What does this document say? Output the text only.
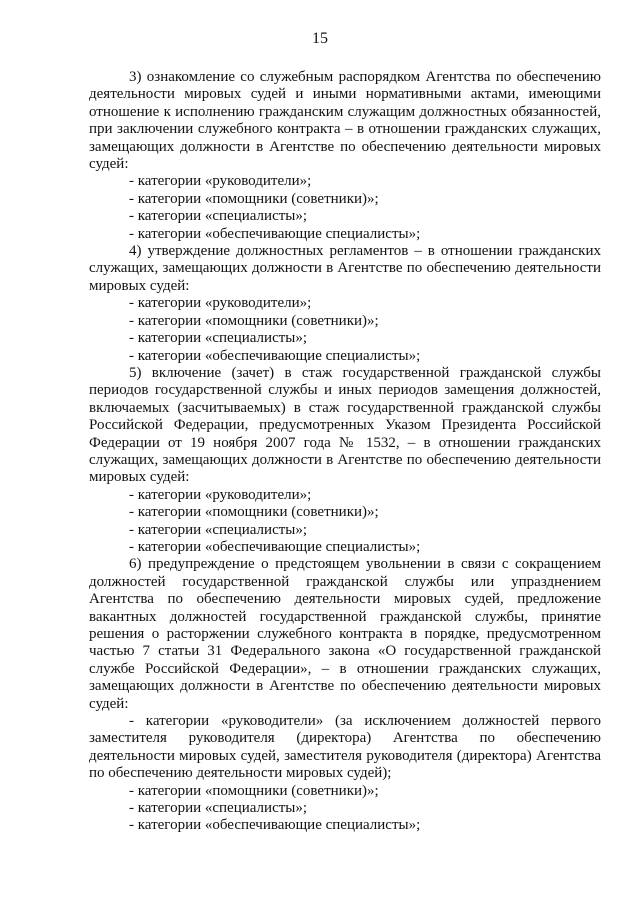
15

3) ознакомление со служебным распорядком Агентства по обеспечению деятельности мировых судей и иными нормативными актами, имеющими отношение к исполнению гражданским служащим должностных обязанностей, при заключении служебного контракта – в отношении гражданских служащих, замещающих должности в Агентстве по обеспечению деятельности мировых судей:

- категории «руководители»;
- категории «помощники (советники)»;
- категории «специалисты»;
- категории «обеспечивающие специалисты»;

4) утверждение должностных регламентов – в отношении гражданских служащих, замещающих должности в Агентстве по обеспечению деятельности мировых судей:

- категории «руководители»;
- категории «помощники (советники)»;
- категории «специалисты»;
- категории «обеспечивающие специалисты»;

5) включение (зачет) в стаж государственной гражданской службы периодов государственной службы и иных периодов замещения должностей, включаемых (засчитываемых) в стаж государственной гражданской службы Российской Федерации, предусмотренных Указом Президента Российской Федерации от 19 ноября 2007 года № 1532, – в отношении гражданских служащих, замещающих должности в Агентстве по обеспечению деятельности мировых судей:

- категории «руководители»;
- категории «помощники (советники)»;
- категории «специалисты»;
- категории «обеспечивающие специалисты»;

6) предупреждение о предстоящем увольнении в связи с сокращением должностей государственной гражданской службы или упразднением Агентства по обеспечению деятельности мировых судей, предложение вакантных должностей государственной гражданской службы, принятие решения о расторжении служебного контракта в порядке, предусмотренном частью 7 статьи 31 Федерального закона «О государственной гражданской службе Российской Федерации», – в отношении гражданских служащих, замещающих должности в Агентстве по обеспечению деятельности мировых судей:

- категории «руководители» (за исключением должностей первого заместителя руководителя (директора) Агентства по обеспечению деятельности мировых судей, заместителя руководителя (директора) Агентства по обеспечению деятельности мировых судей);

- категории «помощники (советники)»;
- категории «специалисты»;
- категории «обеспечивающие специалисты»;
